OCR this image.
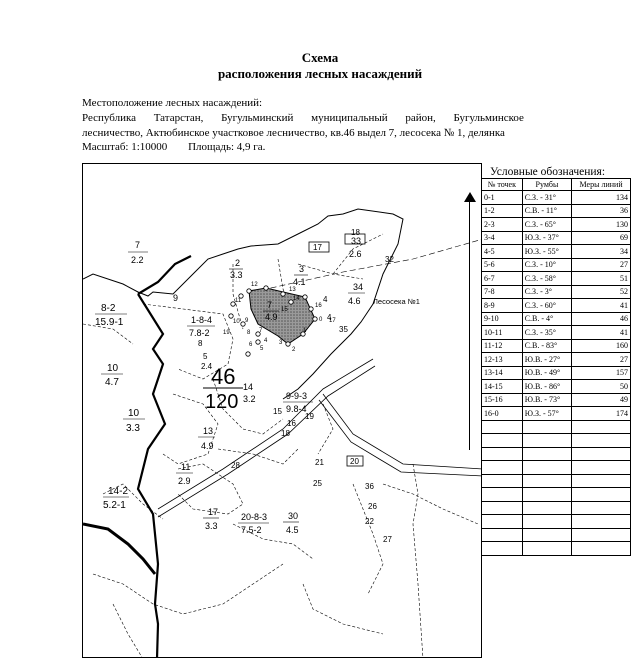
Схема
расположения лесных насаждений
Местоположение лесных насаждений:
Республика Татарстан, Бугульминский муниципальный район, Бугульминское
лесничество, Актюбинское участковое лесничество, кв.46 выдел 7, лесосека № 1, делянка
Масштаб: 1:10000 Площадь: 4,9 га.
7
2.2
8-2
15.9-1
9
1-8-4
7.8-2
10
4.7	46
120
2
3.3
3
4.1
7
4.9
34
4.6
33
2.6
18
17
4
4
35
32
8
5
2.4
14
3.2	9-9-3
9.8-4
10
3.3	13
4.9
15
16
18
19
14-2
5.2-1
11
2.9
17
3.3
20-8-3
7.5-2
30
4.5
28	21
25
20
36
26
22
27
Лесосека №1
12
13
14
16
0 17
1
2
11
10 9
8 7
6
5
4 3
19
15
Условные обозначения:
№ точек	Румбы	Меры линий
0-1	С.З. - 31°	134
1-2	С.В. - 11°	36
2-3	С.З. - 65°	130
3-4	Ю.З. - 37°	69
4-5	Ю.З. - 55°	34
5-6	С.З. - 10°	27
6-7	С.З. - 58°	51
7-8	С.З. - 3°	52
8-9	С.З. - 60°	41
9-10	С.В. - 4°	46
10-11	С.З. - 35°	41
11-12	С.В. - 83°	160
12-13	Ю.В. - 27°	27
13-14	Ю.В. - 49°	157
14-15	Ю.В. - 86°	50
15-16	Ю.В. - 73°	49
16-0	Ю.З. - 57°	174
